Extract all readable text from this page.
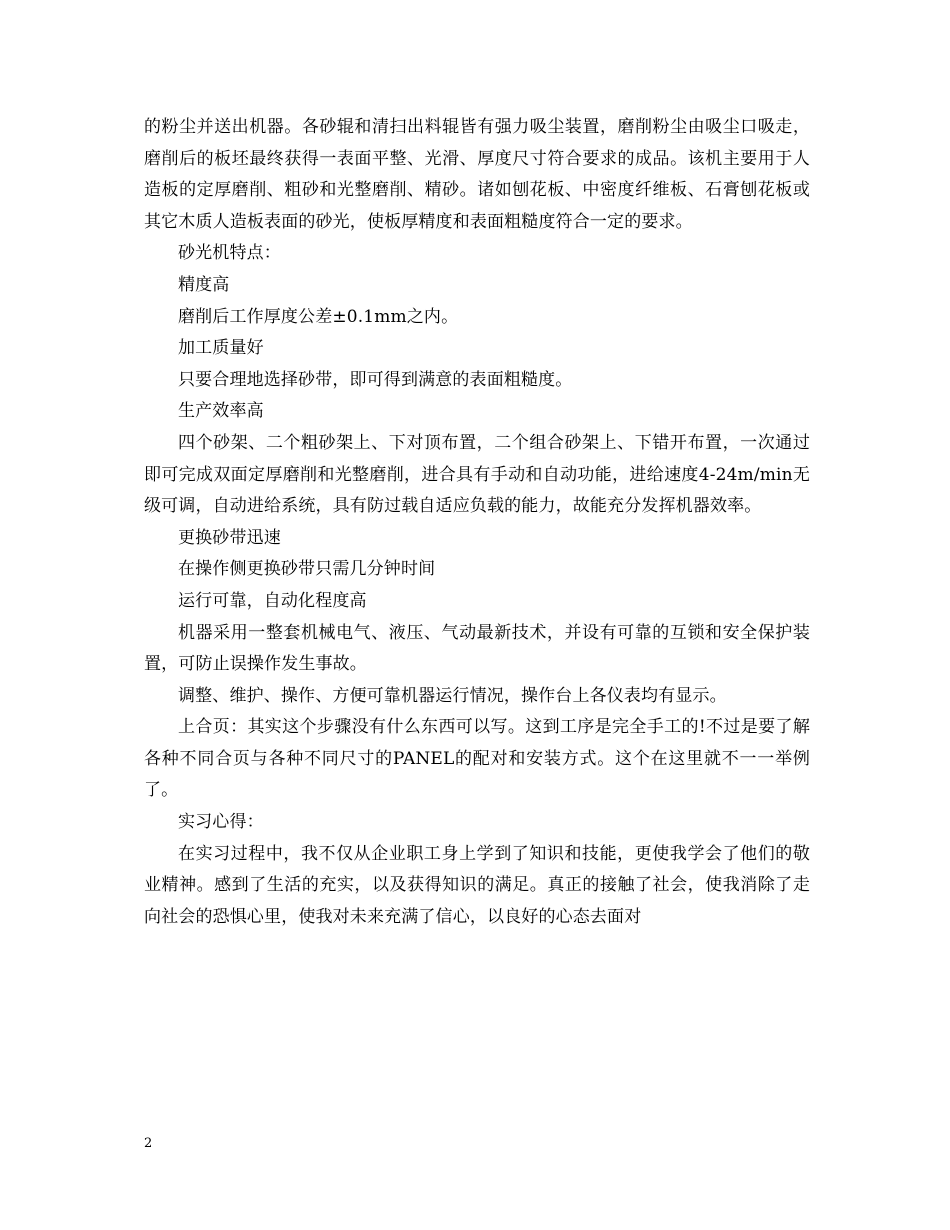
的粉尘并送出机器。各砂辊和清扫出料辊皆有强力吸尘装置，磨削粉尘由吸尘口吸走，磨削后的板坯最终获得一表面平整、光滑、厚度尺寸符合要求的成品。该机主要用于人造板的定厚磨削、粗砂和光整磨削、精砂。诸如刨花板、中密度纤维板、石膏刨花板或其它木质人造板表面的砂光，使板厚精度和表面粗糙度符合一定的要求。

砂光机特点：

精度高

磨削后工作厚度公差±0.1mm之内。

加工质量好

只要合理地选择砂带，即可得到满意的表面粗糙度。

生产效率高

四个砂架、二个粗砂架上、下对顶布置，二个组合砂架上、下错开布置，一次通过即可完成双面定厚磨削和光整磨削，进合具有手动和自动功能，进给速度4-24m/min无级可调，自动进给系统，具有防过载自适应负载的能力，故能充分发挥机器效率。

更换砂带迅速

在操作侧更换砂带只需几分钟时间

运行可靠，自动化程度高

机器采用一整套机械电气、液压、气动最新技术，并设有可靠的互锁和安全保护装置，可防止误操作发生事故。

调整、维护、操作、方便可靠机器运行情况，操作台上各仪表均有显示。

上合页：其实这个步骤没有什么东西可以写。这到工序是完全手工的!不过是要了解各种不同合页与各种不同尺寸的PANEL的配对和安装方式。这个在这里就不一一举例了。

实习心得：

在实习过程中，我不仅从企业职工身上学到了知识和技能，更使我学会了他们的敬业精神。感到了生活的充实，以及获得知识的满足。真正的接触了社会，使我消除了走向社会的恐惧心里，使我对未来充满了信心，以良好的心态去面对

2
